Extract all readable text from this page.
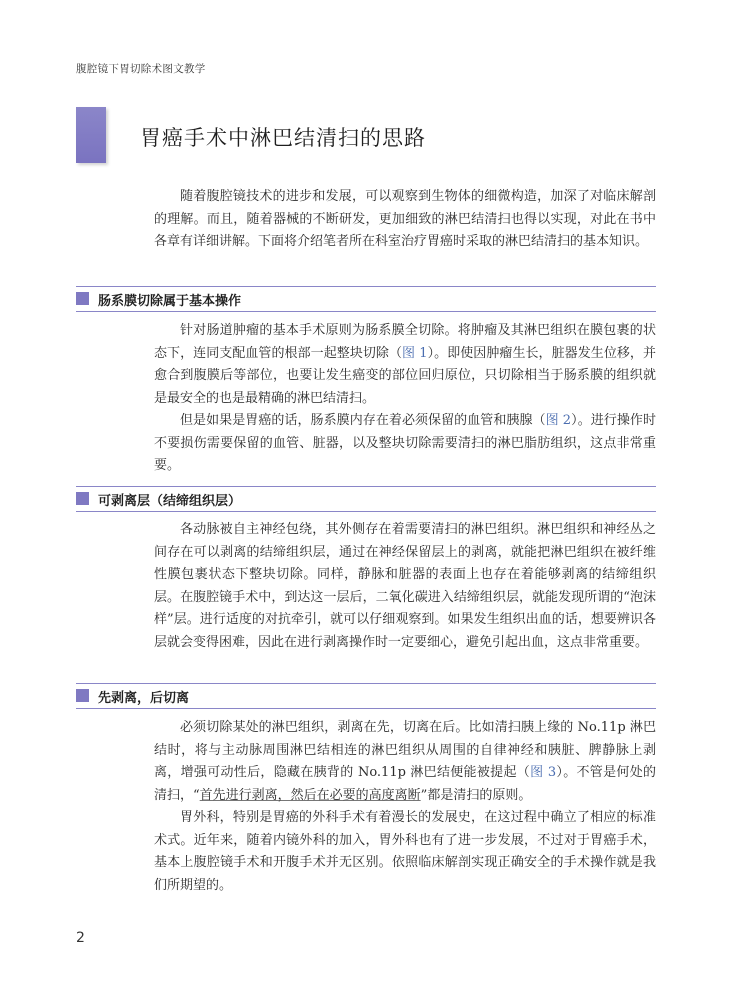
腹腔镜下胃切除术图文教学
胃癌手术中淋巴结清扫的思路

随着腹腔镜技术的进步和发展，可以观察到生物体的细微构造，加深了对临床解剖的理解。而且，随着器械的不断研发，更加细致的淋巴结清扫也得以实现，对此在书中各章有详细讲解。下面将介绍笔者所在科室治疗胃癌时采取的淋巴结清扫的基本知识。

肠系膜切除属于基本操作

针对肠道肿瘤的基本手术原则为肠系膜全切除。将肿瘤及其淋巴组织在膜包裹的状态下，连同支配血管的根部一起整块切除（图 1）。即使因肿瘤生长，脏器发生位移，并愈合到腹膜后等部位，也要让发生癌变的部位回归原位，只切除相当于肠系膜的组织就是最安全的也是最精确的淋巴结清扫。

但是如果是胃癌的话，肠系膜内存在着必须保留的血管和胰腺（图 2）。进行操作时不要损伤需要保留的血管、脏器，以及整块切除需要清扫的淋巴脂肪组织，这点非常重要。

可剥离层（结缔组织层）

各动脉被自主神经包绕，其外侧存在着需要清扫的淋巴组织。淋巴组织和神经丛之间存在可以剥离的结缔组织层，通过在神经保留层上的剥离，就能把淋巴组织在被纤维性膜包裹状态下整块切除。同样，静脉和脏器的表面上也存在着能够剥离的结缔组织层。在腹腔镜手术中，到达这一层后，二氧化碳进入结缔组织层，就能发现所谓的“泡沫样”层。进行适度的对抗牵引，就可以仔细观察到。如果发生组织出血的话，想要辨识各层就会变得困难，因此在进行剥离操作时一定要细心，避免引起出血，这点非常重要。

先剥离，后切离

必须切除某处的淋巴组织，剥离在先，切离在后。比如清扫胰上缘的 No.11p 淋巴结时，将与主动脉周围淋巴结相连的淋巴组织从周围的自律神经和胰脏、脾静脉上剥离，增强可动性后，隐藏在胰背的 No.11p 淋巴结便能被提起（图 3）。不管是何处的清扫，“首先进行剥离，然后在必要的高度离断”都是清扫的原则。

胃外科，特别是胃癌的外科手术有着漫长的发展史，在这过程中确立了相应的标准术式。近年来，随着内镜外科的加入，胃外科也有了进一步发展，不过对于胃癌手术，基本上腹腔镜手术和开腹手术并无区别。依照临床解剖实现正确安全的手术操作就是我们所期望的。

2
